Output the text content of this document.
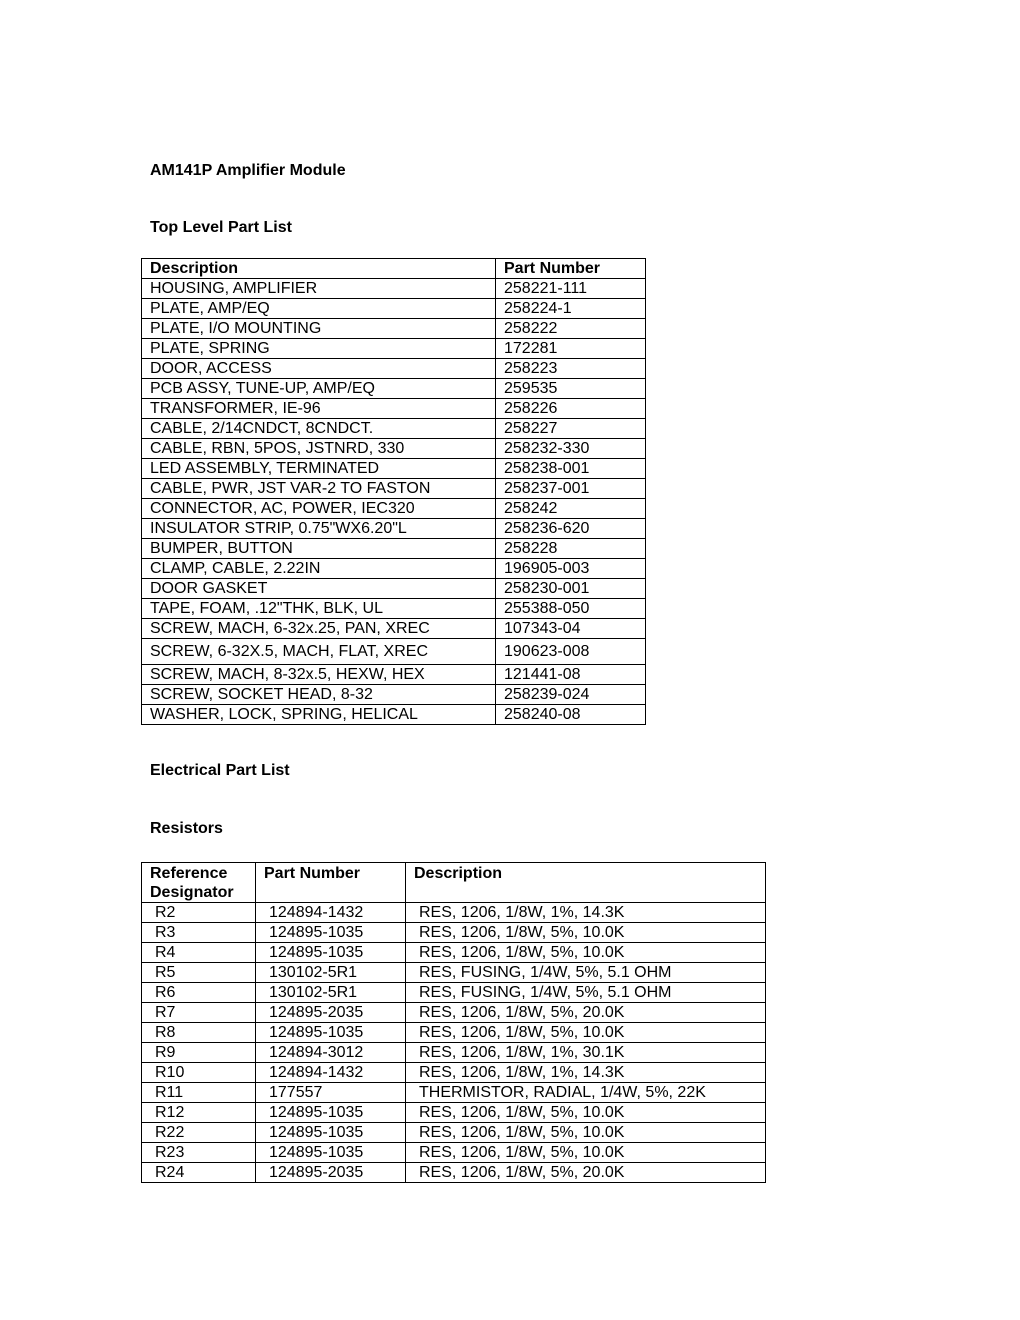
AM141P Amplifier Module
Top Level Part List
Description	Part Number
HOUSING, AMPLIFIER	258221-111
PLATE, AMP/EQ	258224-1
PLATE, I/O MOUNTING	258222
PLATE, SPRING	172281
DOOR, ACCESS	258223
PCB ASSY, TUNE-UP, AMP/EQ	259535
TRANSFORMER, IE-96	258226
CABLE, 2/14CNDCT, 8CNDCT.	258227
CABLE, RBN, 5POS, JSTNRD, 330	258232-330
LED ASSEMBLY, TERMINATED	258238-001
CABLE, PWR, JST VAR-2 TO FASTON	258237-001
CONNECTOR, AC, POWER, IEC320	258242
INSULATOR STRIP, 0.75"WX6.20"L	258236-620
BUMPER, BUTTON	258228
CLAMP, CABLE, 2.22IN	196905-003
DOOR GASKET	258230-001
TAPE, FOAM, .12"THK, BLK, UL	255388-050
SCREW, MACH, 6-32x.25, PAN, XREC	107343-04
SCREW, 6-32X.5, MACH, FLAT, XREC	190623-008
SCREW, MACH, 8-32x.5, HEXW, HEX	121441-08
SCREW, SOCKET HEAD, 8-32	258239-024
WASHER, LOCK, SPRING, HELICAL	258240-08
Electrical Part List
Resistors
Reference Designator	Part Number	Description
R2	124894-1432	RES, 1206, 1/8W, 1%, 14.3K
R3	124895-1035	RES, 1206, 1/8W, 5%, 10.0K
R4	124895-1035	RES, 1206, 1/8W, 5%, 10.0K
R5	130102-5R1	RES, FUSING, 1/4W, 5%, 5.1 OHM
R6	130102-5R1	RES, FUSING, 1/4W, 5%, 5.1 OHM
R7	124895-2035	RES, 1206, 1/8W, 5%, 20.0K
R8	124895-1035	RES, 1206, 1/8W, 5%, 10.0K
R9	124894-3012	RES, 1206, 1/8W, 1%, 30.1K
R10	124894-1432	RES, 1206, 1/8W, 1%, 14.3K
R11	177557	THERMISTOR, RADIAL, 1/4W, 5%, 22K
R12	124895-1035	RES, 1206, 1/8W, 5%, 10.0K
R22	124895-1035	RES, 1206, 1/8W, 5%, 10.0K
R23	124895-1035	RES, 1206, 1/8W, 5%, 10.0K
R24	124895-2035	RES, 1206, 1/8W, 5%, 20.0K
